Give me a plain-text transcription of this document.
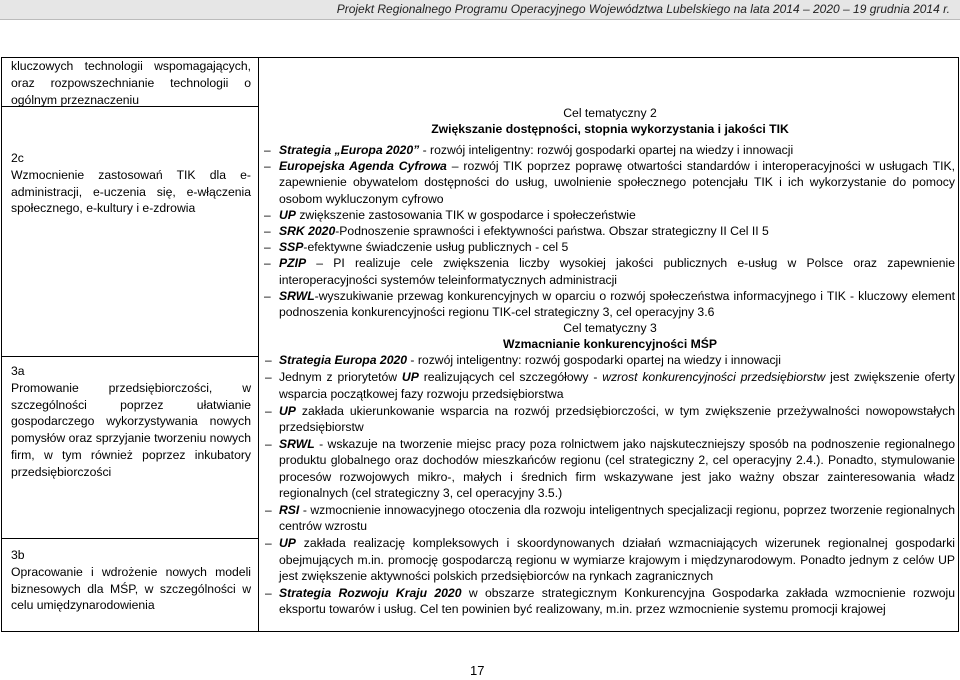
Projekt Regionalnego Programu Operacyjnego Województwa Lubelskiego na lata 2014 – 2020 – 19 grudnia 2014 r.
kluczowych technologii wspomagających, oraz rozpowszechnianie technologii o ogólnym przeznaczeniu
2c
Wzmocnienie zastosowań TIK dla e-administracji, e-uczenia się, e-włączenia społecznego, e-kultury i e-zdrowia
3a
Promowanie przedsiębiorczości, w szczególności poprzez ułatwianie gospodarczego wykorzystywania nowych pomysłów oraz sprzyjanie tworzeniu nowych firm, w tym również poprzez inkubatory przedsiębiorczości
3b
Opracowanie i wdrożenie nowych modeli biznesowych dla MŚP, w szczególności w celu umiędzynarodowienia
Cel tematyczny 2
Zwiększanie dostępności, stopnia wykorzystania i jakości TIK
– Strategia „Europa 2020” - rozwój inteligentny: rozwój gospodarki opartej na wiedzy i innowacji
– Europejska Agenda Cyfrowa – rozwój TIK poprzez poprawę otwartości standardów i interoperacyjności w usługach TIK, zapewnienie obywatelom dostępności do usług, uwolnienie społecznego potencjału TIK i ich wykorzystanie do pomocy osobom wykluczonym cyfrowo
– UP zwiększenie zastosowania TIK w gospodarce i społeczeństwie
– SRK 2020-Podnoszenie sprawności i efektywności państwa. Obszar strategiczny II Cel II 5
– SSP-efektywne świadczenie usług publicznych - cel 5
– PZIP – PI realizuje cele zwiększenia liczby wysokiej jakości publicznych e-usług w Polsce oraz zapewnienie interoperacyjności systemów teleinformatycznych administracji
– SRWL-wyszukiwanie przewag konkurencyjnych w oparciu o rozwój społeczeństwa informacyjnego i TIK - kluczowy element podnoszenia konkurencyjności regionu TIK-cel strategiczny 3, cel operacyjny 3.6
Cel tematyczny 3
Wzmacnianie konkurencyjności MŚP
– Strategia Europa 2020 - rozwój inteligentny: rozwój gospodarki opartej na wiedzy i innowacji
– Jednym z priorytetów UP realizujących cel szczegółowy - wzrost konkurencyjności przedsiębiorstw jest zwiększenie oferty wsparcia początkowej fazy rozwoju przedsiębiorstwa
– UP zakłada ukierunkowanie wsparcia na rozwój przedsiębiorczości, w tym zwiększenie przeżywalności nowopowstałych przedsiębiorstw
– SRWL - wskazuje na tworzenie miejsc pracy poza rolnictwem jako najskuteczniejszy sposób na podnoszenie regionalnego produktu globalnego oraz dochodów mieszkańców regionu (cel strategiczny 2, cel operacyjny 2.4.). Ponadto, stymulowanie procesów rozwojowych mikro-, małych i średnich firm wskazywane jest jako ważny obszar zainteresowania władz regionalnych (cel strategiczny 3, cel operacyjny 3.5.)
– RSI - wzmocnienie innowacyjnego otoczenia dla rozwoju inteligentnych specjalizacji regionu, poprzez tworzenie regionalnych centrów wzrostu
– UP zakłada realizację kompleksowych i skoordynowanych działań wzmacniających wizerunek regionalnej gospodarki obejmujących m.in. promocję gospodarczą regionu w wymiarze krajowym i międzynarodowym. Ponadto jednym z celów UP jest zwiększenie aktywności polskich przedsiębiorców na rynkach zagranicznych
– Strategia Rozwoju Kraju 2020 w obszarze strategicznym Konkurencyjna Gospodarka zakłada wzmocnienie rozwoju eksportu towarów i usług. Cel ten powinien być realizowany, m.in. przez wzmocnienie systemu promocji krajowej
17
